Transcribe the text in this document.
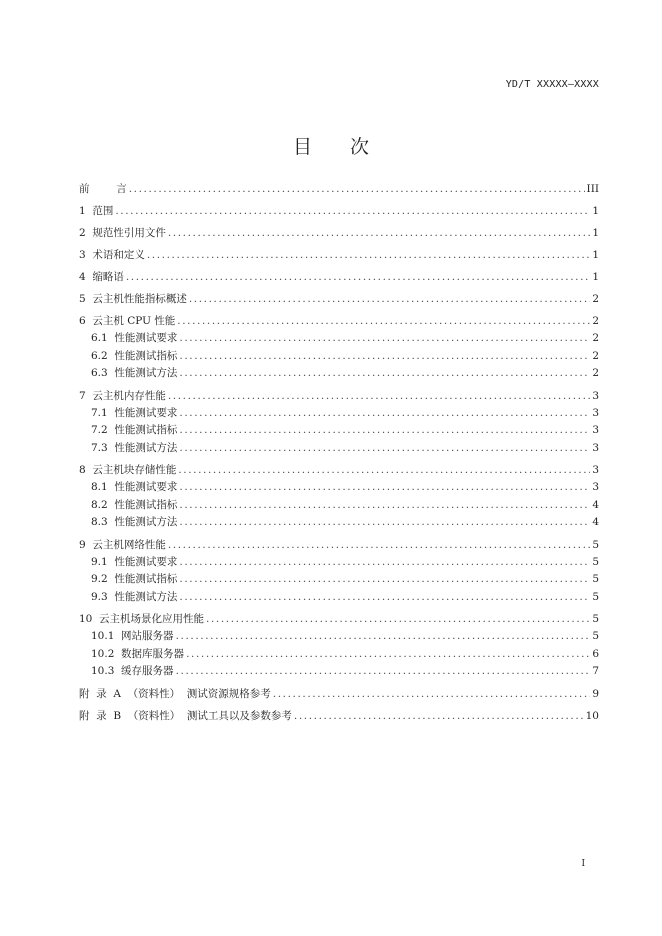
YD/T XXXXX—XXXX
目 次
前        言 .....	III
1  范围 .....	1
2  规范性引用文件 .....	1
3  术语和定义 .....	1
4  缩略语 .....	1
5  云主机性能指标概述 .....	2
6  云主机 CPU 性能 .....	2
6.1  性能测试要求 .....	2
6.2  性能测试指标 .....	2
6.3  性能测试方法 .....	2
7  云主机内存性能 .....	3
7.1  性能测试要求 .....	3
7.2  性能测试指标 .....	3
7.3  性能测试方法 .....	3
8  云主机块存储性能 .....	3
8.1  性能测试要求 .....	3
8.2  性能测试指标 .....	4
8.3  性能测试方法 .....	4
9  云主机网络性能 .....	5
9.1  性能测试要求 .....	5
9.2  性能测试指标 .....	5
9.3  性能测试方法 .....	5
10  云主机场景化应用性能 .....	5
10.1  网站服务器 .....	5
10.2  数据库服务器 .....	6
10.3  缓存服务器 .....	7
附  录  A  （资料性）  测试资源规格参考 .....	9
附  录  B  （资料性）  测试工具以及参数参考 .....	10
I
